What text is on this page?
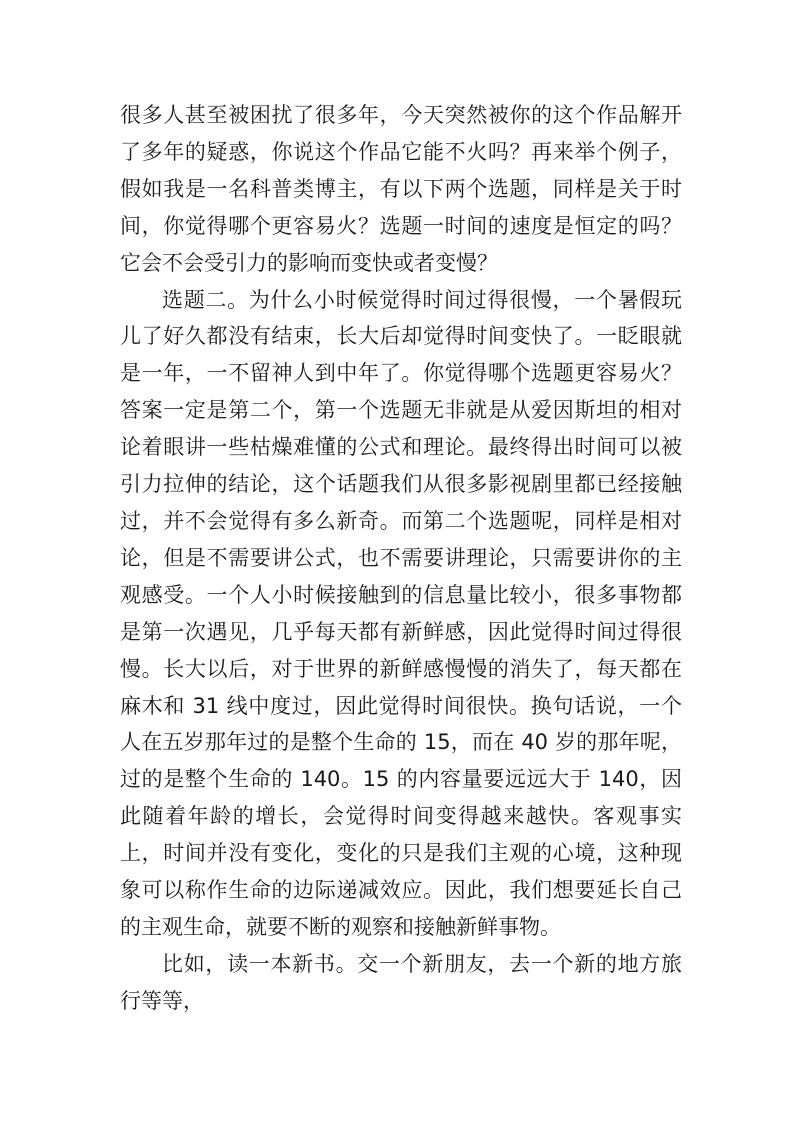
很多人甚至被困扰了很多年，今天突然被你的这个作品解开了多年的疑惑，你说这个作品它能不火吗？再来举个例子，假如我是一名科普类博主，有以下两个选题，同样是关于时间，你觉得哪个更容易火？选题一时间的速度是恒定的吗？它会不会受引力的影响而变快或者变慢？

选题二。为什么小时候觉得时间过得很慢，一个暑假玩儿了好久都没有结束，长大后却觉得时间变快了。一眨眼就是一年，一不留神人到中年了。你觉得哪个选题更容易火？答案一定是第二个，第一个选题无非就是从爱因斯坦的相对论着眼讲一些枯燥难懂的公式和理论。最终得出时间可以被引力拉伸的结论，这个话题我们从很多影视剧里都已经接触过，并不会觉得有多么新奇。而第二个选题呢，同样是相对论，但是不需要讲公式，也不需要讲理论，只需要讲你的主观感受。一个人小时候接触到的信息量比较小，很多事物都是第一次遇见，几乎每天都有新鲜感，因此觉得时间过得很慢。长大以后，对于世界的新鲜感慢慢的消失了，每天都在麻木和 31 线中度过，因此觉得时间很快。换句话说，一个人在五岁那年过的是整个生命的 15，而在 40 岁的那年呢，过的是整个生命的 140。15 的内容量要远远大于 140，因此随着年龄的增长，会觉得时间变得越来越快。客观事实上，时间并没有变化，变化的只是我们主观的心境，这种现象可以称作生命的边际递减效应。因此，我们想要延长自己的主观生命，就要不断的观察和接触新鲜事物。

比如，读一本新书。交一个新朋友，去一个新的地方旅行等等，
